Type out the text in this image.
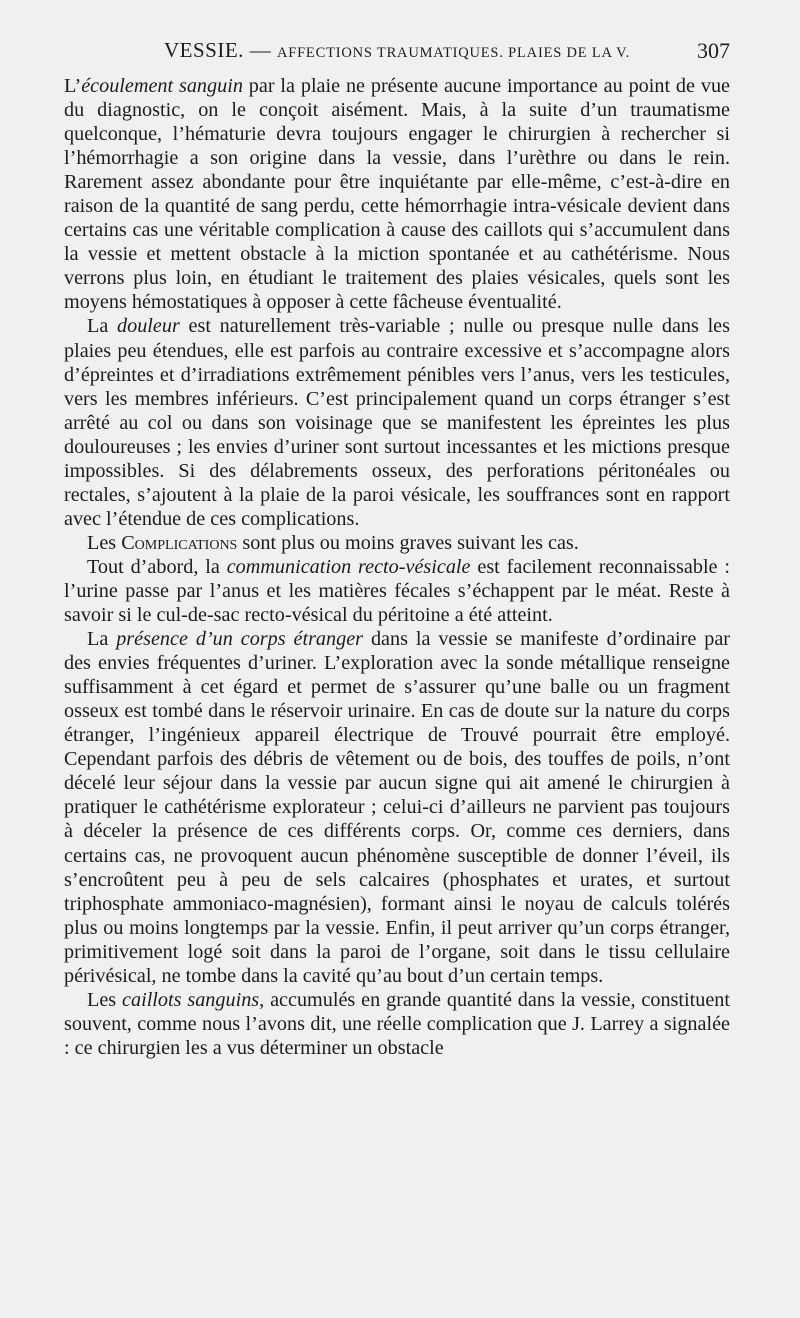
VESSIE. — AFFECTIONS TRAUMATIQUES. PLAIES DE LA V.	307

L’écoulement sanguin par la plaie ne présente aucune importance au point de vue du diagnostic, on le conçoit aisément. Mais, à la suite d’un traumatisme quelconque, l’hématurie devra toujours engager le chirurgien à rechercher si l’hémorrhagie a son origine dans la vessie, dans l’urèthre ou dans le rein. Rarement assez abondante pour être inquiétante par elle-même, c’est-à-dire en raison de la quantité de sang perdu, cette hémorrhagie intra-vésicale devient dans certains cas une véritable complication à cause des caillots qui s’accumulent dans la vessie et mettent obstacle à la miction spontanée et au cathétérisme. Nous verrons plus loin, en étudiant le traitement des plaies vésicales, quels sont les moyens hémostatiques à opposer à cette fâcheuse éventualité.

La douleur est naturellement très-variable ; nulle ou presque nulle dans les plaies peu étendues, elle est parfois au contraire excessive et s’accompagne alors d’épreintes et d’irradiations extrêmement pénibles vers l’anus, vers les testicules, vers les membres inférieurs. C’est principalement quand un corps étranger s’est arrêté au col ou dans son voisinage que se manifestent les épreintes les plus douloureuses ; les envies d’uriner sont surtout incessantes et les mictions presque impossibles. Si des délabrements osseux, des perforations péritonéales ou rectales, s’ajoutent à la plaie de la paroi vésicale, les souffrances sont en rapport avec l’étendue de ces complications.

Les Complications sont plus ou moins graves suivant les cas.

Tout d’abord, la communication recto-vésicale est facilement reconnaissable : l’urine passe par l’anus et les matières fécales s’échappent par le méat. Reste à savoir si le cul-de-sac recto-vésical du péritoine a été atteint.

La présence d’un corps étranger dans la vessie se manifeste d’ordinaire par des envies fréquentes d’uriner. L’exploration avec la sonde métallique renseigne suffisamment à cet égard et permet de s’assurer qu’une balle ou un fragment osseux est tombé dans le réservoir urinaire. En cas de doute sur la nature du corps étranger, l’ingénieux appareil électrique de Trouvé pourrait être employé. Cependant parfois des débris de vêtement ou de bois, des touffes de poils, n’ont décelé leur séjour dans la vessie par aucun signe qui ait amené le chirurgien à pratiquer le cathétérisme explorateur ; celui-ci d’ailleurs ne parvient pas toujours à déceler la présence de ces différents corps. Or, comme ces derniers, dans certains cas, ne provoquent aucun phénomène susceptible de donner l’éveil, ils s’encroûtent peu à peu de sels calcaires (phosphates et urates, et surtout triphosphate ammoniaco-magnésien), formant ainsi le noyau de calculs tolérés plus ou moins longtemps par la vessie. Enfin, il peut arriver qu’un corps étranger, primitivement logé soit dans la paroi de l’organe, soit dans le tissu cellulaire périvésical, ne tombe dans la cavité qu’au bout d’un certain temps.

Les caillots sanguins, accumulés en grande quantité dans la vessie, constituent souvent, comme nous l’avons dit, une réelle complication que J. Larrey a signalée : ce chirurgien les a vus déterminer un obstacle
